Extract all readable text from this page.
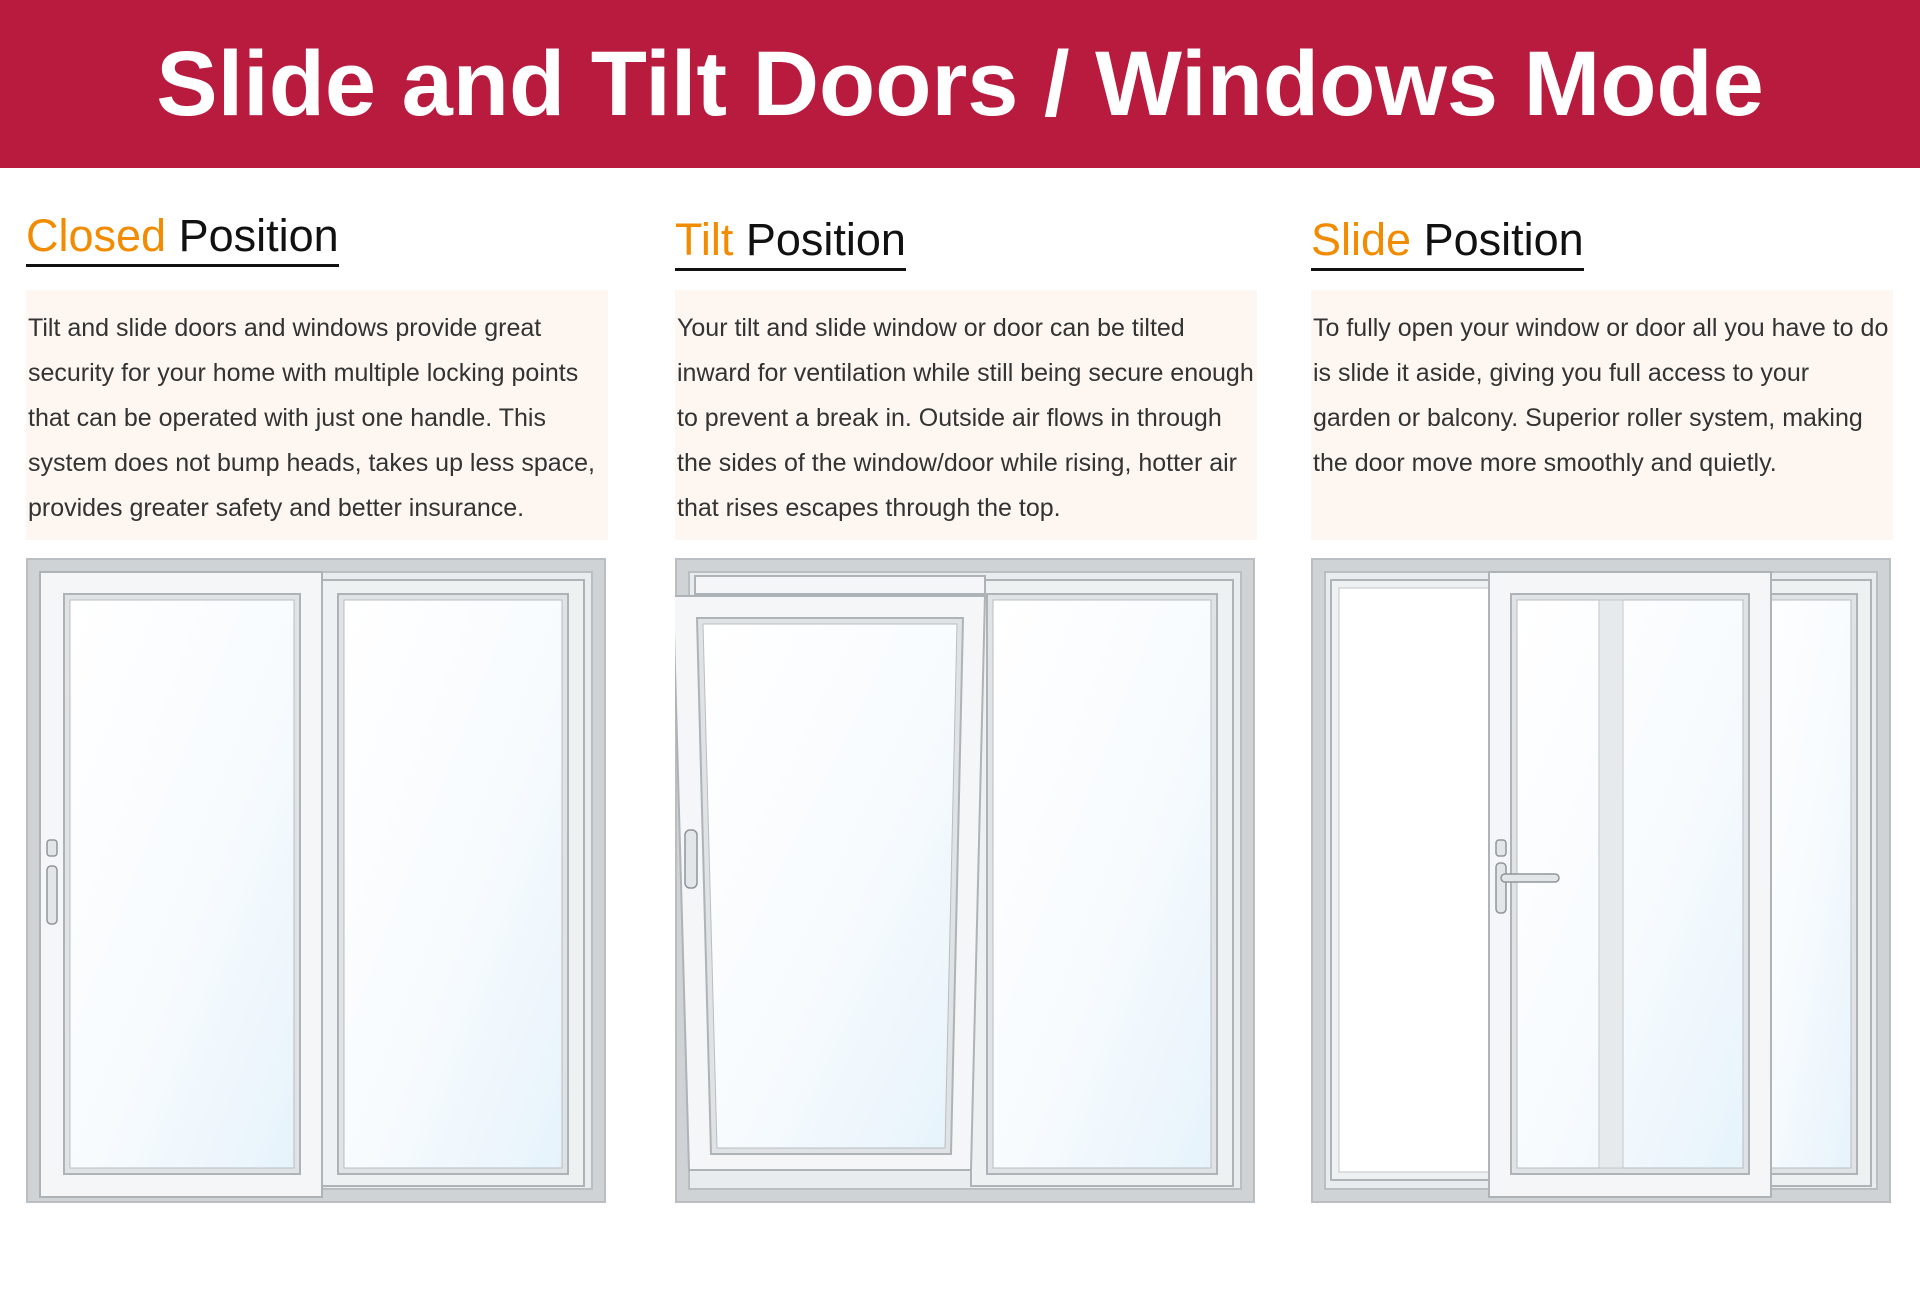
Slide and Tilt Doors / Windows Mode
Closed Position

Tilt and slide doors and windows provide great security for your home with multiple locking points that can be operated with just one handle. This system does not bump heads, takes up less space, provides greater safety and better insurance.

Tilt Position

Your tilt and slide window or door can be tilted inward for ventilation while still being secure enough to prevent a break in. Outside air flows in through the sides of the window/door while rising, hotter air that rises escapes through the top.

Slide Position

To fully open your window or door all you have to do is slide it aside, giving you full access to your garden or balcony. Superior roller system, making the door move more smoothly and quietly.
